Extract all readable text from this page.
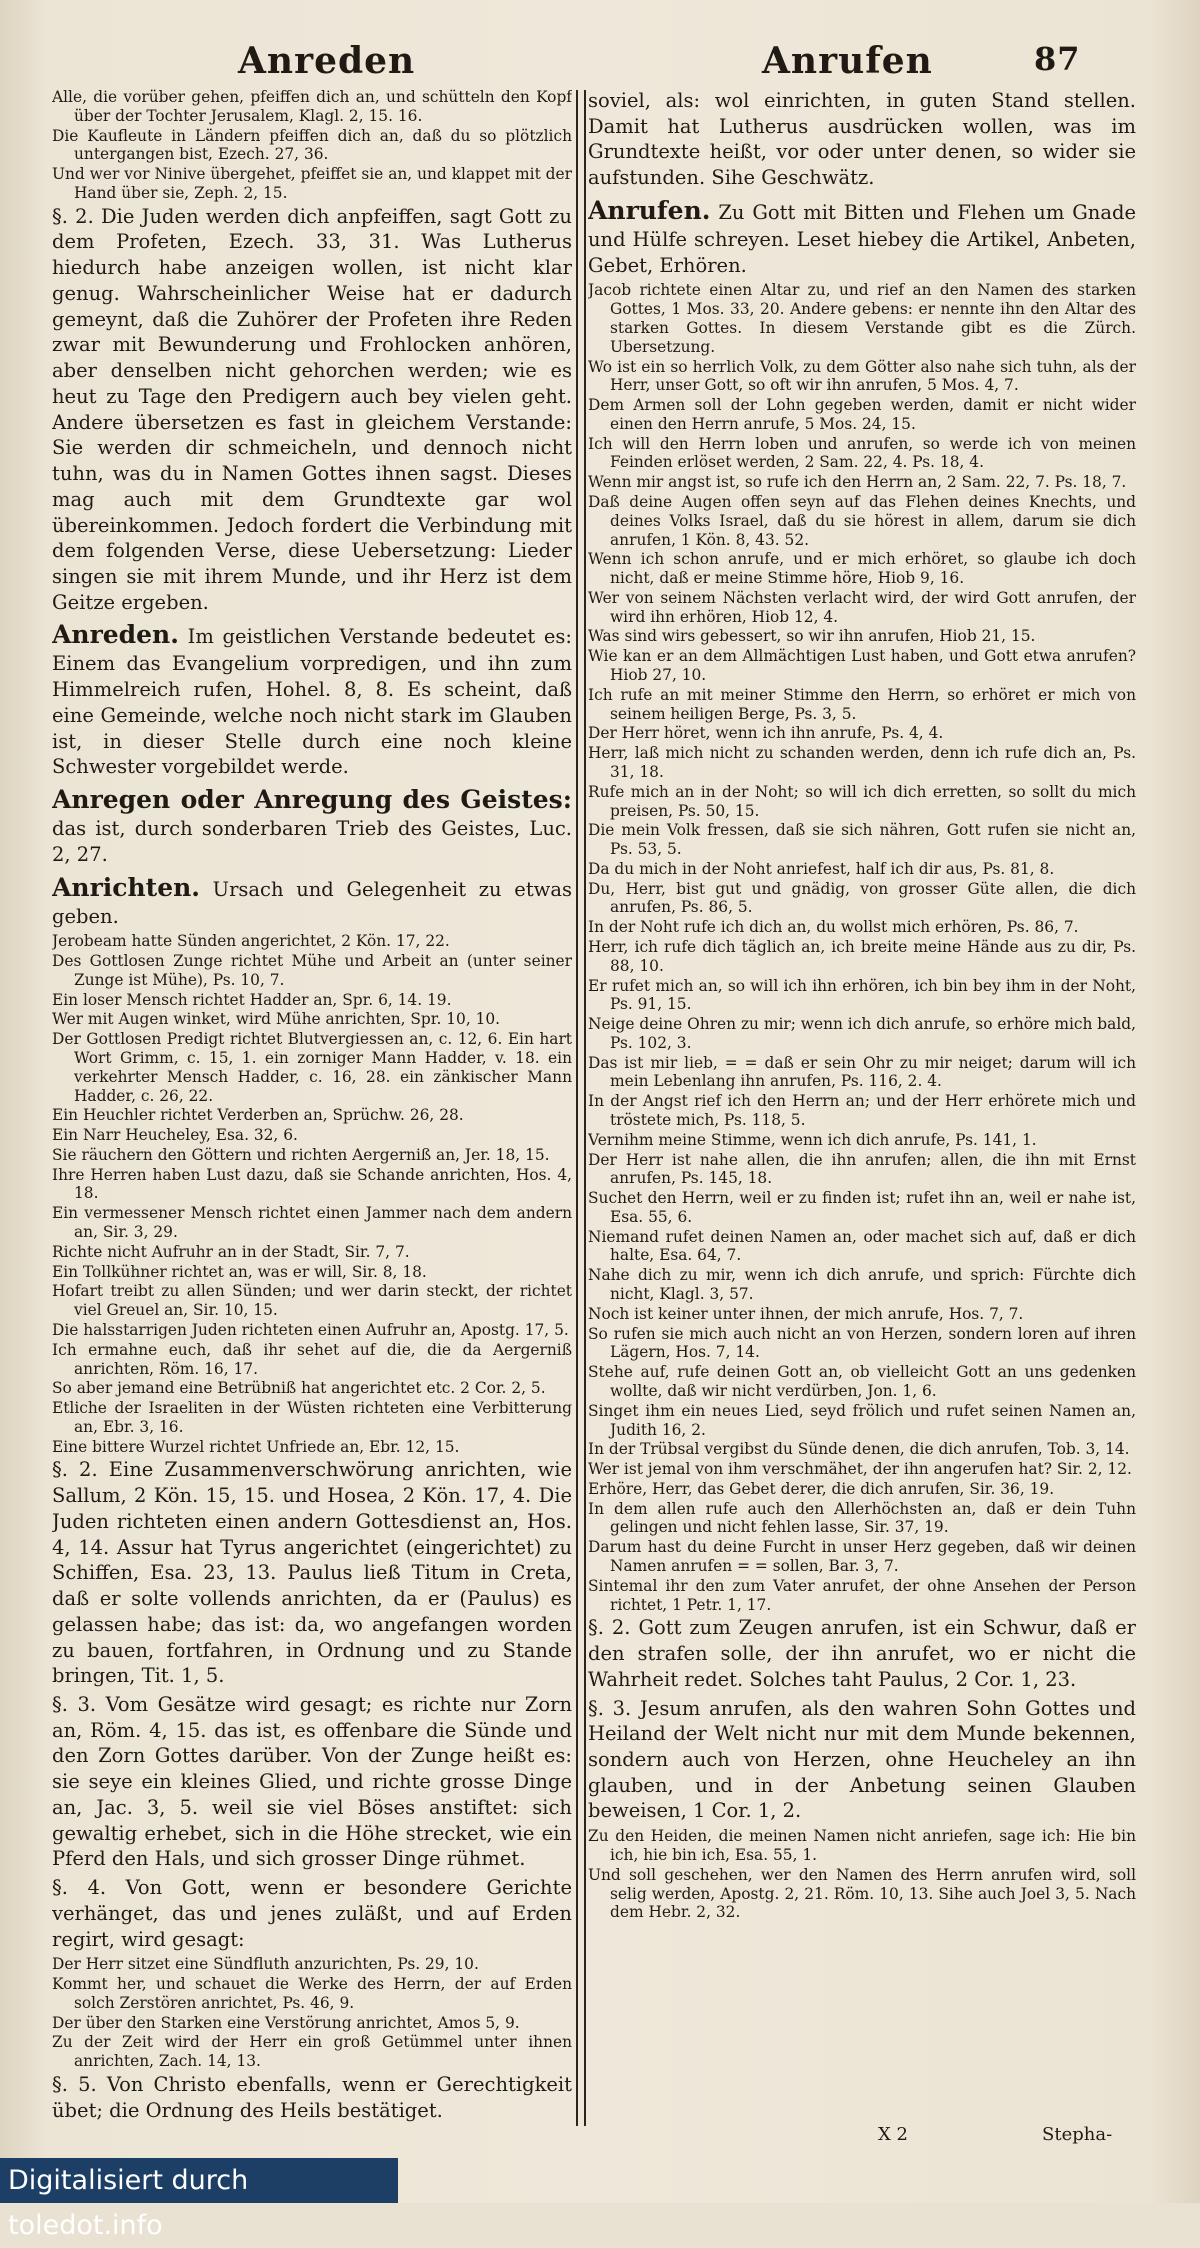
Anreden	Anrufen	87

Alle, die vorüber gehen, pfeiffen dich an, und schütteln den Kopf über der Tochter Jerusalem, Klagl. 2, 15. 16.

Die Kaufleute in Ländern pfeiffen dich an, daß du so plötzlich untergangen bist, Ezech. 27, 36.

Und wer vor Ninive übergehet, pfeiffet sie an, und klappet mit der Hand über sie, Zeph. 2, 15.

§. 2. Die Juden werden dich anpfeiffen, sagt Gott zu dem Profeten, Ezech. 33, 31. Was Lutherus hiedurch habe anzeigen wollen, ist nicht klar genug. Wahrscheinlicher Weise hat er dadurch gemeynt, daß die Zuhörer der Profeten ihre Reden zwar mit Bewunderung und Frohlocken anhören, aber denselben nicht gehorchen werden; wie es heut zu Tage den Predigern auch bey vielen geht. Andere übersetzen es fast in gleichem Verstande: Sie werden dir schmeicheln, und dennoch nicht tuhn, was du in Namen Gottes ihnen sagst. Dieses mag auch mit dem Grundtexte gar wol übereinkommen. Jedoch fordert die Verbindung mit dem folgenden Verse, diese Uebersetzung: Lieder singen sie mit ihrem Munde, und ihr Herz ist dem Geitze ergeben.

Anreden. Im geistlichen Verstande bedeutet es: Einem das Evangelium vorpredigen, und ihn zum Himmelreich rufen, Hohel. 8, 8. Es scheint, daß eine Gemeinde, welche noch nicht stark im Glauben ist, in dieser Stelle durch eine noch kleine Schwester vorgebildet werde.

Anregen oder Anregung des Geistes: das ist, durch sonderbaren Trieb des Geistes, Luc. 2, 27.

Anrichten. Ursach und Gelegenheit zu etwas geben.

Jerobeam hatte Sünden angerichtet, 2 Kön. 17, 22.

Des Gottlosen Zunge richtet Mühe und Arbeit an (unter seiner Zunge ist Mühe), Ps. 10, 7.

Ein loser Mensch richtet Hadder an, Spr. 6, 14. 19.

Wer mit Augen winket, wird Mühe anrichten, Spr. 10, 10.

Der Gottlosen Predigt richtet Blutvergiessen an, c. 12, 6. Ein hart Wort Grimm, c. 15, 1. ein zorniger Mann Hadder, v. 18. ein verkehrter Mensch Hadder, c. 16, 28. ein zänkischer Mann Hadder, c. 26, 22.

Ein Heuchler richtet Verderben an, Sprüchw. 26, 28.

Ein Narr Heucheley, Esa. 32, 6.

Sie räuchern den Göttern und richten Aergerniß an, Jer. 18, 15.

Ihre Herren haben Lust dazu, daß sie Schande anrichten, Hos. 4, 18.

Ein vermessener Mensch richtet einen Jammer nach dem andern an, Sir. 3, 29.

Richte nicht Aufruhr an in der Stadt, Sir. 7, 7.

Ein Tollkühner richtet an, was er will, Sir. 8, 18.

Hofart treibt zu allen Sünden; und wer darin steckt, der richtet viel Greuel an, Sir. 10, 15.

Die halsstarrigen Juden richteten einen Aufruhr an, Apostg. 17, 5.

Ich ermahne euch, daß ihr sehet auf die, die da Aergerniß anrichten, Röm. 16, 17.

So aber jemand eine Betrübniß hat angerichtet etc. 2 Cor. 2, 5.

Etliche der Israeliten in der Wüsten richteten eine Verbitterung an, Ebr. 3, 16.

Eine bittere Wurzel richtet Unfriede an, Ebr. 12, 15.

§. 2. Eine Zusammenverschwörung anrichten, wie Sallum, 2 Kön. 15, 15. und Hosea, 2 Kön. 17, 4. Die Juden richteten einen andern Gottesdienst an, Hos. 4, 14. Assur hat Tyrus angerichtet (eingerichtet) zu Schiffen, Esa. 23, 13. Paulus ließ Titum in Creta, daß er solte vollends anrichten, da er (Paulus) es gelassen habe; das ist: da, wo angefangen worden zu bauen, fortfahren, in Ordnung und zu Stande bringen, Tit. 1, 5.

§. 3. Vom Gesätze wird gesagt; es richte nur Zorn an, Röm. 4, 15. das ist, es offenbare die Sünde und den Zorn Gottes darüber. Von der Zunge heißt es: sie seye ein kleines Glied, und richte grosse Dinge an, Jac. 3, 5. weil sie viel Böses anstiftet: sich gewaltig erhebet, sich in die Höhe strecket, wie ein Pferd den Hals, und sich grosser Dinge rühmet.

§. 4. Von Gott, wenn er besondere Gerichte verhänget, das und jenes zuläßt, und auf Erden regirt, wird gesagt:

Der Herr sitzet eine Sündfluth anzurichten, Ps. 29, 10.

Kommt her, und schauet die Werke des Herrn, der auf Erden solch Zerstören anrichtet, Ps. 46, 9.

Der über den Starken eine Verstörung anrichtet, Amos 5, 9.

Zu der Zeit wird der Herr ein groß Getümmel unter ihnen anrichten, Zach. 14, 13.

§. 5. Von Christo ebenfalls, wenn er Gerechtigkeit übet; die Ordnung des Heils bestätiget.

soviel, als: wol einrichten, in guten Stand stellen. Damit hat Lutherus ausdrücken wollen, was im Grundtexte heißt, vor oder unter denen, so wider sie aufstunden. Sihe Geschwätz.

Anrufen. Zu Gott mit Bitten und Flehen um Gnade und Hülfe schreyen. Leset hiebey die Artikel, Anbeten, Gebet, Erhören.

Jacob richtete einen Altar zu, und rief an den Namen des starken Gottes, 1 Mos. 33, 20. Andere gebens: er nennte ihn den Altar des starken Gottes. In diesem Verstande gibt es die Zürch. Ubersetzung.

Wo ist ein so herrlich Volk, zu dem Götter also nahe sich tuhn, als der Herr, unser Gott, so oft wir ihn anrufen, 5 Mos. 4, 7.

Dem Armen soll der Lohn gegeben werden, damit er nicht wider einen den Herrn anrufe, 5 Mos. 24, 15.

Ich will den Herrn loben und anrufen, so werde ich von meinen Feinden erlöset werden, 2 Sam. 22, 4. Ps. 18, 4.

Wenn mir angst ist, so rufe ich den Herrn an, 2 Sam. 22, 7. Ps. 18, 7.

Daß deine Augen offen seyn auf das Flehen deines Knechts, und deines Volks Israel, daß du sie hörest in allem, darum sie dich anrufen, 1 Kön. 8, 43. 52.

Wenn ich schon anrufe, und er mich erhöret, so glaube ich doch nicht, daß er meine Stimme höre, Hiob 9, 16.

Wer von seinem Nächsten verlacht wird, der wird Gott anrufen, der wird ihn erhören, Hiob 12, 4.

Was sind wirs gebessert, so wir ihn anrufen, Hiob 21, 15.

Wie kan er an dem Allmächtigen Lust haben, und Gott etwa anrufen? Hiob 27, 10.

Ich rufe an mit meiner Stimme den Herrn, so erhöret er mich von seinem heiligen Berge, Ps. 3, 5.

Der Herr höret, wenn ich ihn anrufe, Ps. 4, 4.

Herr, laß mich nicht zu schanden werden, denn ich rufe dich an, Ps. 31, 18.

Rufe mich an in der Noht; so will ich dich erretten, so sollt du mich preisen, Ps. 50, 15.

Die mein Volk fressen, daß sie sich nähren, Gott rufen sie nicht an, Ps. 53, 5.

Da du mich in der Noht anriefest, half ich dir aus, Ps. 81, 8.

Du, Herr, bist gut und gnädig, von grosser Güte allen, die dich anrufen, Ps. 86, 5.

In der Noht rufe ich dich an, du wollst mich erhören, Ps. 86, 7.

Herr, ich rufe dich täglich an, ich breite meine Hände aus zu dir, Ps. 88, 10.

Er rufet mich an, so will ich ihn erhören, ich bin bey ihm in der Noht, Ps. 91, 15.

Neige deine Ohren zu mir; wenn ich dich anrufe, so erhöre mich bald, Ps. 102, 3.

Das ist mir lieb, = = daß er sein Ohr zu mir neiget; darum will ich mein Lebenlang ihn anrufen, Ps. 116, 2. 4.

In der Angst rief ich den Herrn an; und der Herr erhörete mich und tröstete mich, Ps. 118, 5.

Vernihm meine Stimme, wenn ich dich anrufe, Ps. 141, 1.

Der Herr ist nahe allen, die ihn anrufen; allen, die ihn mit Ernst anrufen, Ps. 145, 18.

Suchet den Herrn, weil er zu finden ist; rufet ihn an, weil er nahe ist, Esa. 55, 6.

Niemand rufet deinen Namen an, oder machet sich auf, daß er dich halte, Esa. 64, 7.

Nahe dich zu mir, wenn ich dich anrufe, und sprich: Fürchte dich nicht, Klagl. 3, 57.

Noch ist keiner unter ihnen, der mich anrufe, Hos. 7, 7.

So rufen sie mich auch nicht an von Herzen, sondern loren auf ihren Lägern, Hos. 7, 14.

Stehe auf, rufe deinen Gott an, ob vielleicht Gott an uns gedenken wollte, daß wir nicht verdürben, Jon. 1, 6.

Singet ihm ein neues Lied, seyd frölich und rufet seinen Namen an, Judith 16, 2.

In der Trübsal vergibst du Sünde denen, die dich anrufen, Tob. 3, 14.

Wer ist jemal von ihm verschmähet, der ihn angerufen hat? Sir. 2, 12.

Erhöre, Herr, das Gebet derer, die dich anrufen, Sir. 36, 19.

In dem allen rufe auch den Allerhöchsten an, daß er dein Tuhn gelingen und nicht fehlen lasse, Sir. 37, 19.

Darum hast du deine Furcht in unser Herz gegeben, daß wir deinen Namen anrufen = = sollen, Bar. 3, 7.

Sintemal ihr den zum Vater anrufet, der ohne Ansehen der Person richtet, 1 Petr. 1, 17.

§. 2. Gott zum Zeugen anrufen, ist ein Schwur, daß er den strafen solle, der ihn anrufet, wo er nicht die Wahrheit redet. Solches taht Paulus, 2 Cor. 1, 23.

§. 3. Jesum anrufen, als den wahren Sohn Gottes und Heiland der Welt nicht nur mit dem Munde bekennen, sondern auch von Herzen, ohne Heucheley an ihn glauben, und in der Anbetung seinen Glauben beweisen, 1 Cor. 1, 2.

Zu den Heiden, die meinen Namen nicht anriefen, sage ich: Hie bin ich, hie bin ich, Esa. 55, 1.

Und soll geschehen, wer den Namen des Herrn anrufen wird, soll selig werden, Apostg. 2, 21. Röm. 10, 13. Sihe auch Joel 3, 5. Nach dem Hebr. 2, 32.

X 2	Stepha-
Digitalisiert durch toledot.info
